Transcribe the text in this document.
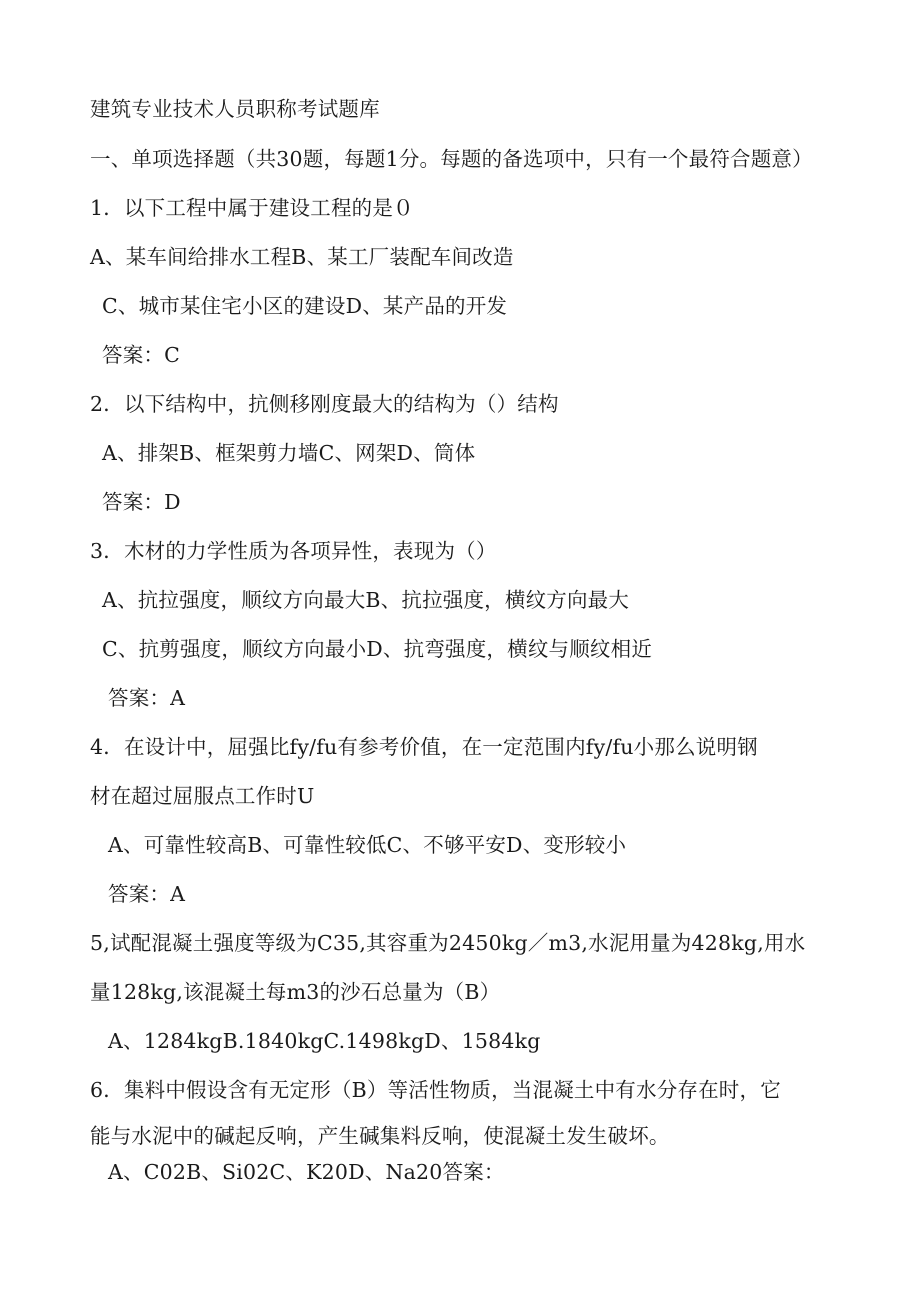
建筑专业技术人员职称考试题库
一、单项选择题（共30题，每题1分。每题的备选项中，只有一个最符合题意）
1．以下工程中属于建设工程的是０
A、某车间给排水工程B、某工厂装配车间改造
C、城市某住宅小区的建设D、某产品的开发
答案：C
2．以下结构中，抗侧移刚度最大的结构为（）结构
A、排架B、框架剪力墙C、网架D、筒体
答案：D
3．木材的力学性质为各项异性，表现为（）
A、抗拉强度，顺纹方向最大B、抗拉强度，横纹方向最大
C、抗剪强度，顺纹方向最小D、抗弯强度，横纹与顺纹相近
答案：A
4．在设计中，屈强比fy/fu有参考价值，在一定范围内fy/fu小那么说明钢
材在超过屈服点工作时U
A、可靠性较高B、可靠性较低C、不够平安D、变形较小
答案：A
5,试配混凝土强度等级为C35,其容重为2450kg／m3,水泥用量为428kg,用水
量128kg,该混凝土每m3的沙石总量为（B）
A、1284kgB.1840kgC.1498kgD、1584kg
6．集料中假设含有无定形（B）等活性物质，当混凝土中有水分存在时，它
能与水泥中的碱起反响，产生碱集料反响，使混凝土发生破坏。
A、C02B、Si02C、K20D、Na20答案：
